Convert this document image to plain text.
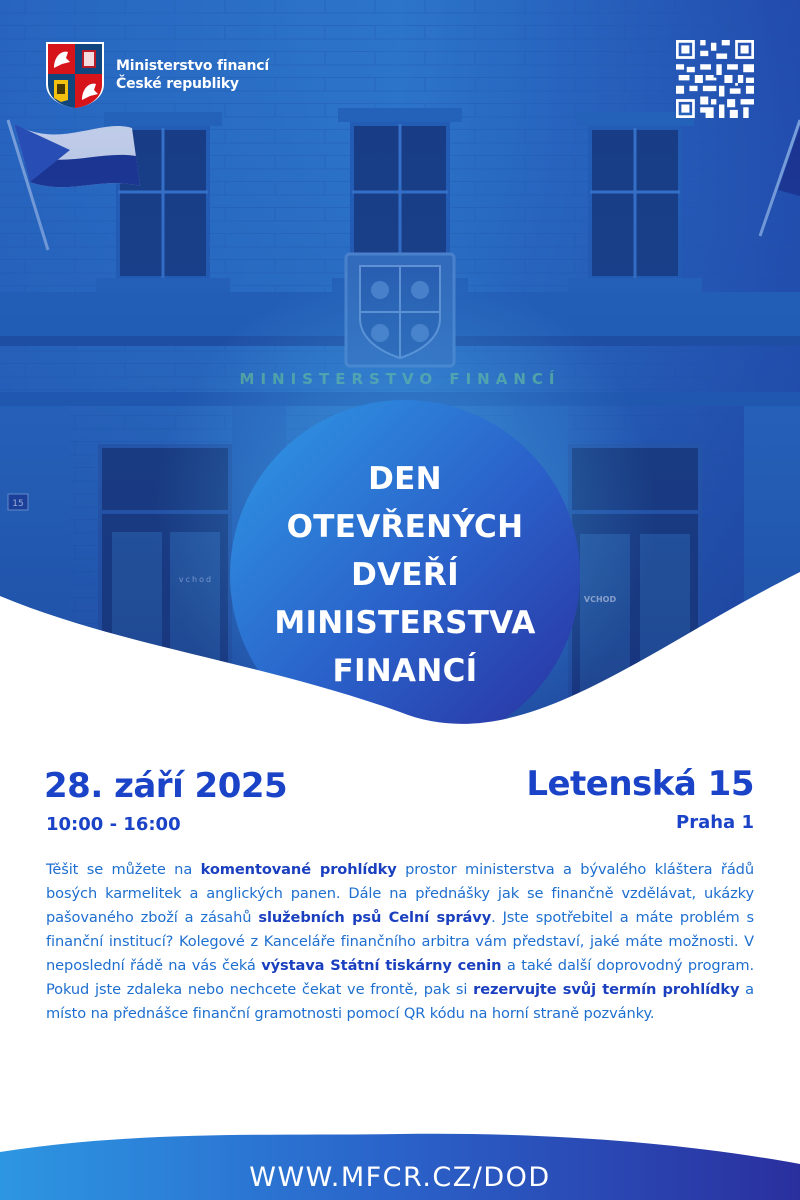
Ministerstvo financí
České republiky
DEN
OTEVŘENÝCH
DVEŘÍ
MINISTERSTVA
FINANCÍ
28. září 2025
10:00 - 16:00
Letenská 15
Praha 1
Těšit se můžete na komentované prohlídky prostor ministerstva a bývalého kláštera řádů bosých karmelitek a anglických panen. Dále na přednášky jak se finančně vzdělávat, ukázky pašovaného zboží a zásahů služebních psů Celní správy. Jste spotřebitel a máte problém s finanční institucí? Kolegové z Kanceláře finančního arbitra vám představí, jaké máte možnosti. V neposlední řádě na vás čeká výstava Státní tiskárny cenin a také další doprovodný program. Pokud jste zdaleka nebo nechcete čekat ve frontě, pak si rezervujte svůj termín prohlídky a místo na přednášce finanční gramotnosti pomocí QR kódu na horní straně pozvánky.
WWW.MFCR.CZ/DOD
